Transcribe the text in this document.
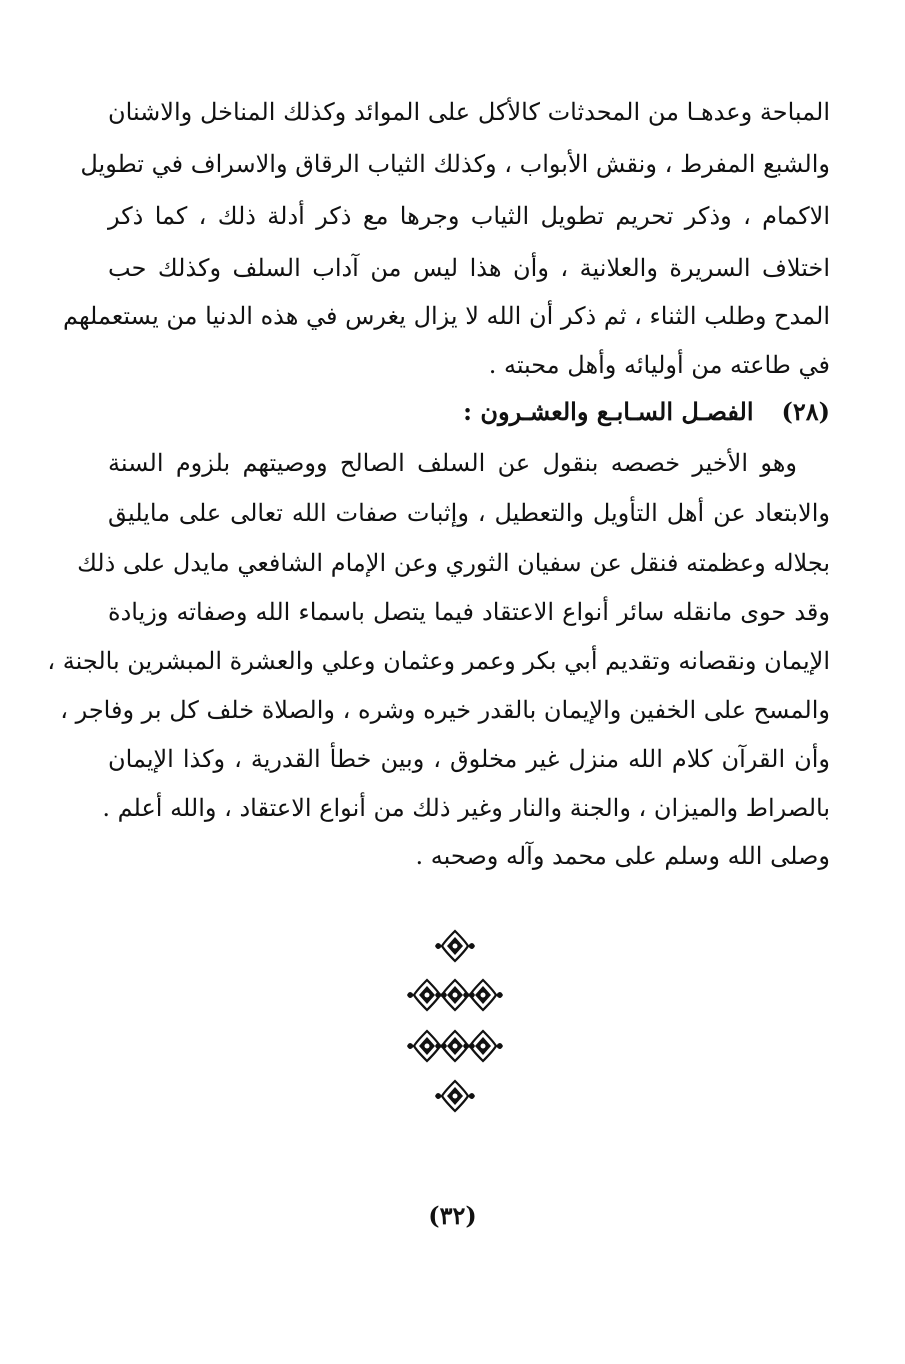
المباحة وعدهـا من المحدثات كالأكل على الموائد وكذلك المناخل والاشنان
والشبع المفرط ، ونقش الأبواب ، وكذلك الثياب الرقاق والاسراف في تطويل
الاكمام ، وذكر تحريم تطويل الثياب وجرها مع ذكر أدلة ذلك ، كما ذكر
اختلاف السريرة والعلانية ، وأن هذا ليس من آداب السلف وكذلك حب
المدح وطلب الثناء ، ثم ذكر أن الله لا يزال يغرس في هذه الدنيا من يستعملهم
في طاعته من أوليائه وأهل محبته .
(٢٨)الفصـل السـابـع والعشـرون :
وهو الأخير خصصه بنقول عن السلف الصالح ووصيتهم بلزوم السنة
والابتعاد عن أهل التأويل والتعطيل ، وإثبات صفات الله تعالى على مايليق
بجلاله وعظمته فنقل عن سفيان الثوري وعن الإمام الشافعي مايدل على ذلك
وقد حوى مانقله سائر أنواع الاعتقاد فيما يتصل باسماء الله وصفاته وزيادة
الإيمان ونقصانه وتقديم أبي بكر وعمر وعثمان وعلي والعشرة المبشرين بالجنة ،
والمسح على الخفين والإيمان بالقدر خيره وشره ، والصلاة خلف كل بر وفاجر ،
وأن القرآن كلام الله منزل غير مخلوق ، وبين خطأ القدرية ، وكذا الإيمان
بالصراط والميزان ، والجنة والنار وغير ذلك من أنواع الاعتقاد ، والله أعلم .
وصلى الله وسلم على محمد وآله وصحبه .
(٣٢)
